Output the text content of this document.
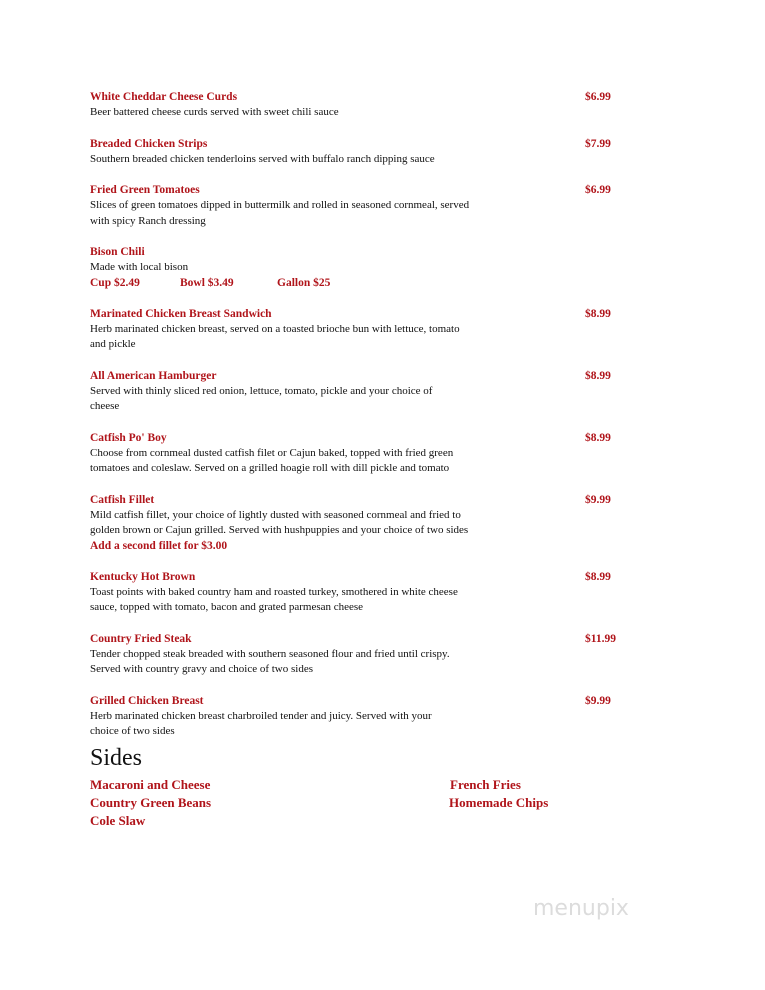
White Cheddar Cheese Curds	$6.99
Beer battered cheese curds served with sweet chili sauce
Breaded Chicken Strips	$7.99
Southern breaded chicken tenderloins served with buffalo ranch dipping sauce
Fried Green Tomatoes	$6.99
Slices of green tomatoes dipped in buttermilk and rolled in seasoned cornmeal, served with spicy Ranch dressing
Bison Chili
Made with local bison
Cup $2.49	Bowl $3.49	Gallon $25
Marinated Chicken Breast Sandwich	$8.99
Herb marinated chicken breast, served on a toasted brioche bun with lettuce, tomato and pickle
All American Hamburger	$8.99
Served with thinly sliced red onion, lettuce, tomato, pickle and your choice of cheese
Catfish Po' Boy	$8.99
Choose from cornmeal dusted catfish filet or Cajun baked, topped with fried green tomatoes and coleslaw. Served on a grilled hoagie roll with dill pickle and tomato
Catfish Fillet	$9.99
Mild catfish fillet, your choice of lightly dusted with seasoned cornmeal and fried to golden brown or Cajun grilled. Served with hushpuppies and your choice of two sides
Add a second fillet for $3.00
Kentucky Hot Brown	$8.99
Toast points with baked country ham and roasted turkey, smothered in white cheese sauce, topped with tomato, bacon and grated parmesan cheese
Country Fried Steak	$11.99
Tender chopped steak breaded with southern seasoned flour and fried until crispy. Served with country gravy and choice of two sides
Grilled Chicken Breast	$9.99
Herb marinated chicken breast charbroiled tender and juicy. Served with your choice of two sides
Sides
Macaroni and Cheese
Country Green Beans
Cole Slaw
French Fries
Homemade Chips
menupix
